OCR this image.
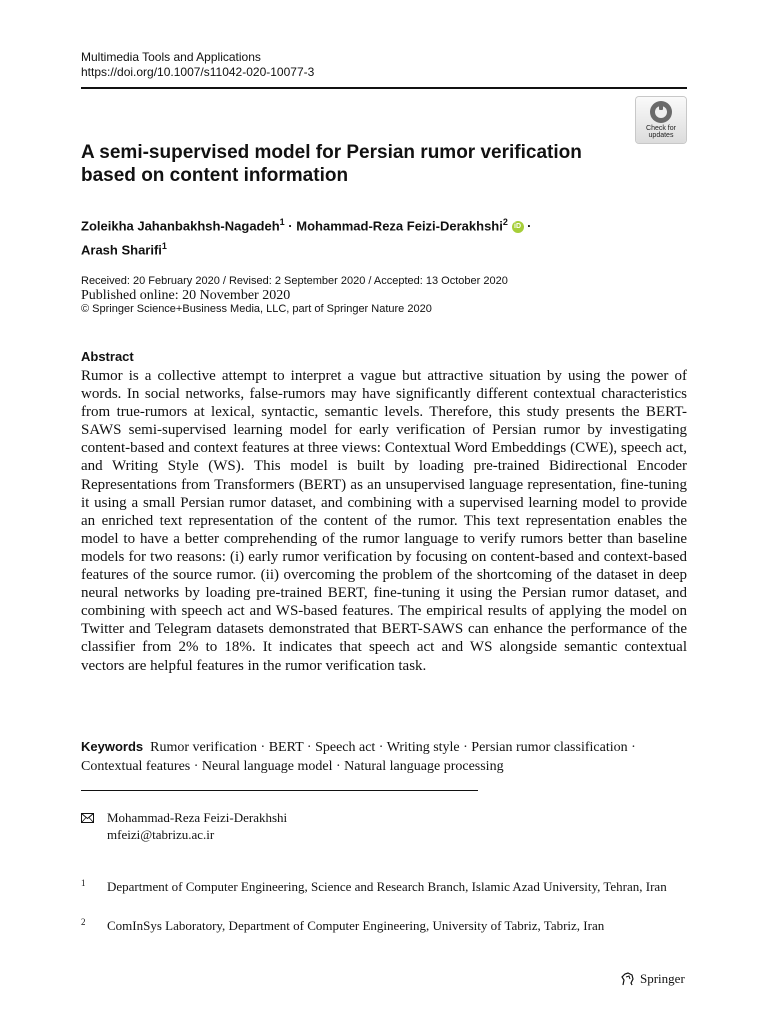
Multimedia Tools and Applications
https://doi.org/10.1007/s11042-020-10077-3
Check for
updates
A semi-supervised model for Persian rumor verification based on content information
Zoleikha Jahanbakhsh-Nagadeh$^1$ · Mohammad-Reza Feizi-Derakhshi$^2$ iD ·
Arash Sharifi$^1$
Received: 20 February 2020 / Revised: 2 September 2020 / Accepted: 13 October 2020
Published online: 20 November 2020
© Springer Science+Business Media, LLC, part of Springer Nature 2020
Abstract
Rumor is a collective attempt to interpret a vague but attractive situation by using the power of words. In social networks, false-rumors may have significantly different contextual characteristics from true-rumors at lexical, syntactic, semantic levels. Therefore, this study presents the BERT-SAWS semi-supervised learning model for early verification of Persian rumor by investigating content-based and context features at three views: Contextual Word Embeddings (CWE), speech act, and Writing Style (WS). This model is built by loading pre-trained Bidirectional Encoder Representations from Transformers (BERT) as an unsupervised language representation, fine-tuning it using a small Persian rumor dataset, and combining with a supervised learning model to provide an enriched text representation of the content of the rumor. This text representation enables the model to have a better comprehending of the rumor language to verify rumors better than baseline models for two reasons: (i) early rumor verification by focusing on content-based and context-based features of the source rumor. (ii) overcoming the problem of the shortcoming of the dataset in deep neural networks by loading pre-trained BERT, fine-tuning it using the Persian rumor dataset, and combining with speech act and WS-based features. The empirical results of applying the model on Twitter and Telegram datasets demonstrated that BERT-SAWS can enhance the performance of the classifier from 2% to 18%. It indicates that speech act and WS alongside semantic contextual vectors are helpful features in the rumor verification task.
Keywords Rumor verification · BERT · Speech act · Writing style · Persian rumor classification · Contextual features · Neural language model · Natural language processing
Mohammad-Reza Feizi-Derakhshi
mfeizi@tabrizu.ac.ir
1 Department of Computer Engineering, Science and Research Branch, Islamic Azad University, Tehran, Iran
2 ComInSys Laboratory, Department of Computer Engineering, University of Tabriz, Tabriz, Iran
Springer
